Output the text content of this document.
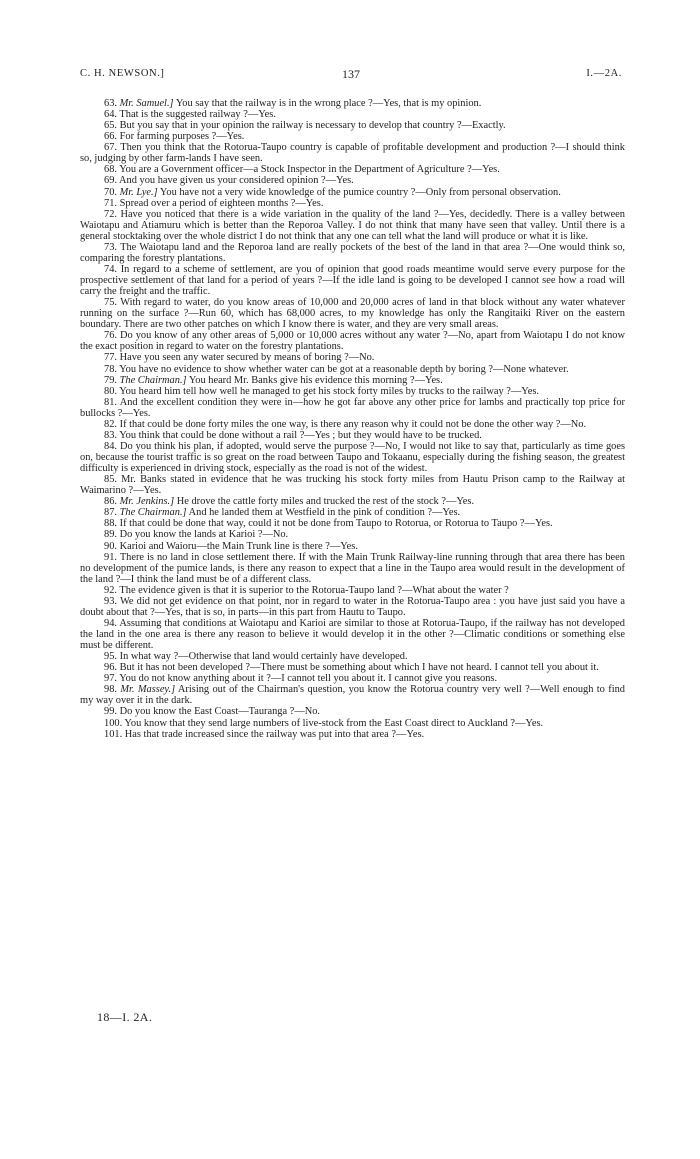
C. H. NEWSON.]	137	I.—2A.

63. Mr. Samuel.] You say that the railway is in the wrong place ?—Yes, that is my opinion.

64. That is the suggested railway ?—Yes.

65. But you say that in your opinion the railway is necessary to develop that country ?—Exactly.

66. For farming purposes ?—Yes.

67. Then you think that the Rotorua-Taupo country is capable of profitable development and production ?—I should think so, judging by other farm-lands I have seen.

68. You are a Government officer—a Stock Inspector in the Department of Agriculture ?—Yes.

69. And you have given us your considered opinion ?—Yes.

70. Mr. Lye.] You have not a very wide knowledge of the pumice country ?—Only from personal observation.

71. Spread over a period of eighteen months ?—Yes.

72. Have you noticed that there is a wide variation in the quality of the land ?—Yes, decidedly. There is a valley between Waiotapu and Atiamuru which is better than the Reporoa Valley. I do not think that many have seen that valley. Until there is a general stocktaking over the whole district I do not think that any one can tell what the land will produce or what it is like.

73. The Waiotapu land and the Reporoa land are really pockets of the best of the land in that area ?—One would think so, comparing the forestry plantations.

74. In regard to a scheme of settlement, are you of opinion that good roads meantime would serve every purpose for the prospective settlement of that land for a period of years ?—If the idle land is going to be developed I cannot see how a road will carry the freight and the traffic.

75. With regard to water, do you know areas of 10,000 and 20,000 acres of land in that block without any water whatever running on the surface ?—Run 60, which has 68,000 acres, to my knowledge has only the Rangitaiki River on the eastern boundary. There are two other patches on which I know there is water, and they are very small areas.

76. Do you know of any other areas of 5,000 or 10,000 acres without any water ?—No, apart from Waiotapu I do not know the exact position in regard to water on the forestry plantations.

77. Have you seen any water secured by means of boring ?—No.

78. You have no evidence to show whether water can be got at a reasonable depth by boring ?—None whatever.

79. The Chairman.] You heard Mr. Banks give his evidence this morning ?—Yes.

80. You heard him tell how well he managed to get his stock forty miles by trucks to the railway ?—Yes.

81. And the excellent condition they were in—how he got far above any other price for lambs and practically top price for bullocks ?—Yes.

82. If that could be done forty miles the one way, is there any reason why it could not be done the other way ?—No.

83. You think that could be done without a rail ?—Yes ; but they would have to be trucked.

84. Do you think his plan, if adopted, would serve the purpose ?—No, I would not like to say that, particularly as time goes on, because the tourist traffic is so great on the road between Taupo and Tokaanu, especially during the fishing season, the greatest difficulty is experienced in driving stock, especially as the road is not of the widest.

85. Mr. Banks stated in evidence that he was trucking his stock forty miles from Hautu Prison camp to the Railway at Waimarino ?—Yes.

86. Mr. Jenkins.] He drove the cattle forty miles and trucked the rest of the stock ?—Yes.

87. The Chairman.] And he landed them at Westfield in the pink of condition ?—Yes.

88. If that could be done that way, could it not be done from Taupo to Rotorua, or Rotorua to Taupo ?—Yes.

89. Do you know the lands at Karioi ?—No.

90. Karioi and Waioru—the Main Trunk line is there ?—Yes.

91. There is no land in close settlement there. If with the Main Trunk Railway-line running through that area there has been no development of the pumice lands, is there any reason to expect that a line in the Taupo area would result in the development of the land ?—I think the land must be of a different class.

92. The evidence given is that it is superior to the Rotorua-Taupo land ?—What about the water ?

93. We did not get evidence on that point, nor in regard to water in the Rotorua-Taupo area : you have just said you have a doubt about that ?—Yes, that is so, in parts—in this part from Hautu to Taupo.

94. Assuming that conditions at Waiotapu and Karioi are similar to those at Rotorua-Taupo, if the railway has not developed the land in the one area is there any reason to believe it would develop it in the other ?—Climatic conditions or something else must be different.

95. In what way ?—Otherwise that land would certainly have developed.

96. But it has not been developed ?—There must be something about which I have not heard. I cannot tell you about it.

97. You do not know anything about it ?—I cannot tell you about it. I cannot give you reasons.

98. Mr. Massey.] Arising out of the Chairman's question, you know the Rotorua country very well ?—Well enough to find my way over it in the dark.

99. Do you know the East Coast—Tauranga ?—No.

100. You know that they send large numbers of live-stock from the East Coast direct to Auckland ?—Yes.

101. Has that trade increased since the railway was put into that area ?—Yes.

18—I. 2A.
